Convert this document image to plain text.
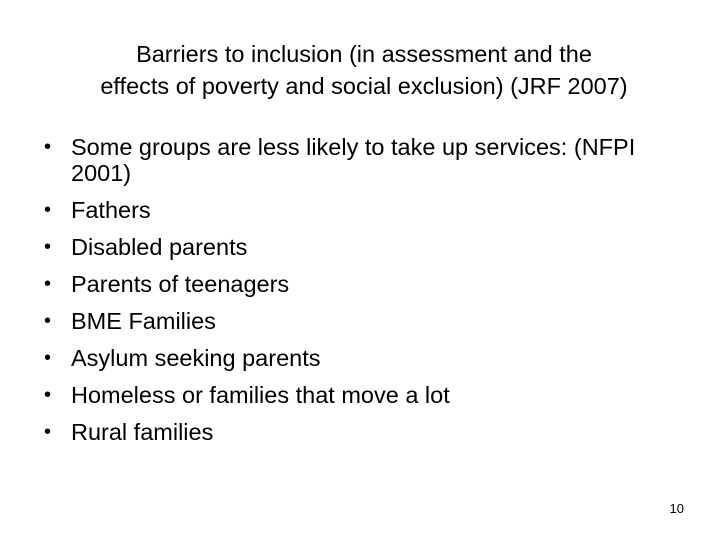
Barriers to inclusion (in assessment and the
effects of poverty and social exclusion) (JRF 2007)
• Some groups are less likely to take up services: (NFPI 2001)
• Fathers
• Disabled parents
• Parents of teenagers
• BME Families
• Asylum seeking parents
• Homeless or families that move a lot
• Rural families
10
